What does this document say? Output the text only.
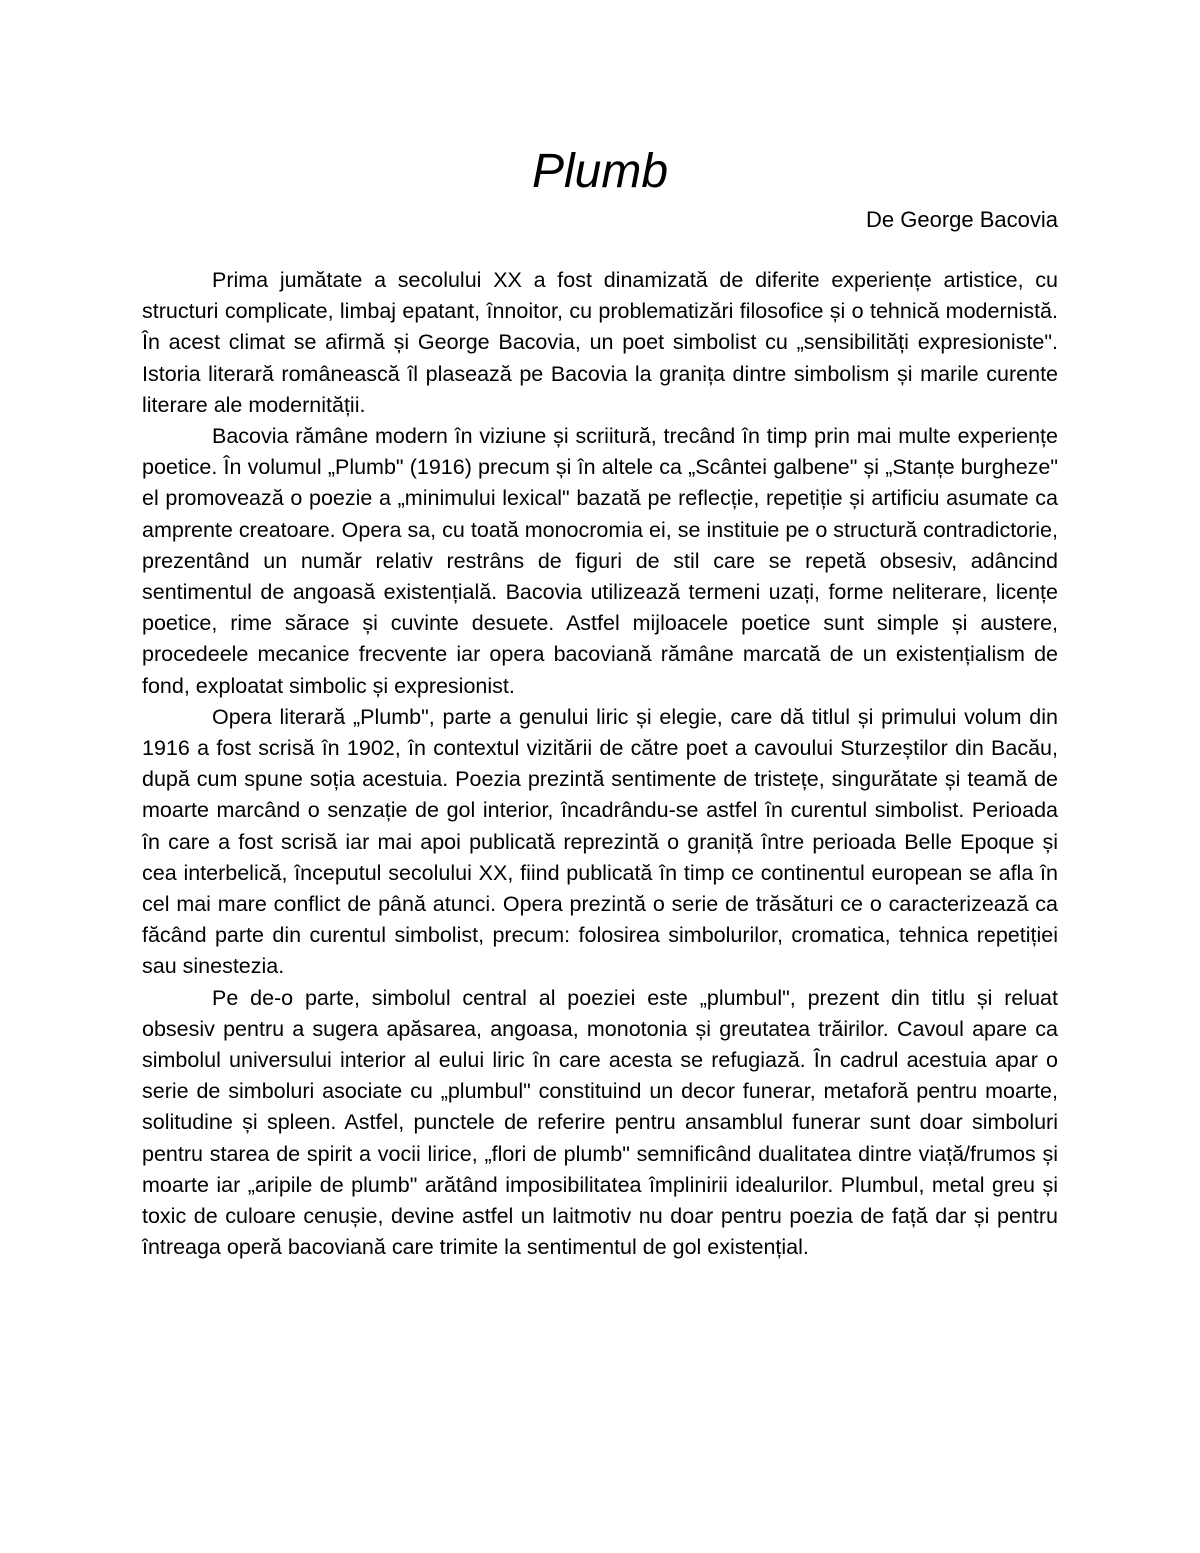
Plumb
De George Bacovia

Prima jumătate a secolului XX a fost dinamizată de diferite experiențe artistice, cu structuri complicate, limbaj epatant, înnoitor, cu problematizări filosofice și o tehnică modernistă. În acest climat se afirmă și George Bacovia, un poet simbolist cu „sensibilități expresioniste". Istoria literară românească îl plasează pe Bacovia la granița dintre simbolism și marile curente literare ale modernității.

Bacovia rămâne modern în viziune și scriitură, trecând în timp prin mai multe experiențe poetice. În volumul „Plumb" (1916) precum și în altele ca „Scântei galbene" și „Stanțe burgheze" el promovează o poezie a „minimului lexical" bazată pe reflecție, repetiție și artificiu asumate ca amprente creatoare. Opera sa, cu toată monocromia ei, se instituie pe o structură contradictorie, prezentând un număr relativ restrâns de figuri de stil care se repetă obsesiv, adâncind sentimentul de angoasă existențială. Bacovia utilizează termeni uzați, forme neliterare, licențe poetice, rime sărace și cuvinte desuete. Astfel mijloacele poetice sunt simple și austere, procedeele mecanice frecvente iar opera bacoviană rămâne marcată de un existențialism de fond, exploatat simbolic și expresionist.

Opera literară „Plumb", parte a genului liric și elegie, care dă titlul și primului volum din 1916 a fost scrisă în 1902, în contextul vizitării de către poet a cavoului Sturzeștilor din Bacău, după cum spune soția acestuia. Poezia prezintă sentimente de tristețe, singurătate și teamă de moarte marcând o senzație de gol interior, încadrându-se astfel în curentul simbolist. Perioada în care a fost scrisă iar mai apoi publicată reprezintă o graniță între perioada Belle Epoque și cea interbelică, începutul secolului XX, fiind publicată în timp ce continentul european se afla în cel mai mare conflict de până atunci. Opera prezintă o serie de trăsături ce o caracterizează ca făcând parte din curentul simbolist, precum: folosirea simbolurilor, cromatica, tehnica repetiției sau sinestezia.

Pe de-o parte, simbolul central al poeziei este „plumbul", prezent din titlu și reluat obsesiv pentru a sugera apăsarea, angoasa, monotonia și greutatea trăirilor. Cavoul apare ca simbolul universului interior al eului liric în care acesta se refugiază. În cadrul acestuia apar o serie de simboluri asociate cu „plumbul" constituind un decor funerar, metaforă pentru moarte, solitudine și spleen. Astfel, punctele de referire pentru ansamblul funerar sunt doar simboluri pentru starea de spirit a vocii lirice, „flori de plumb" semnificând dualitatea dintre viață/frumos și moarte iar „aripile de plumb" arătând imposibilitatea împlinirii idealurilor. Plumbul, metal greu și toxic de culoare cenușie, devine astfel un laitmotiv nu doar pentru poezia de față dar și pentru întreaga operă bacoviană care trimite la sentimentul de gol existențial.
